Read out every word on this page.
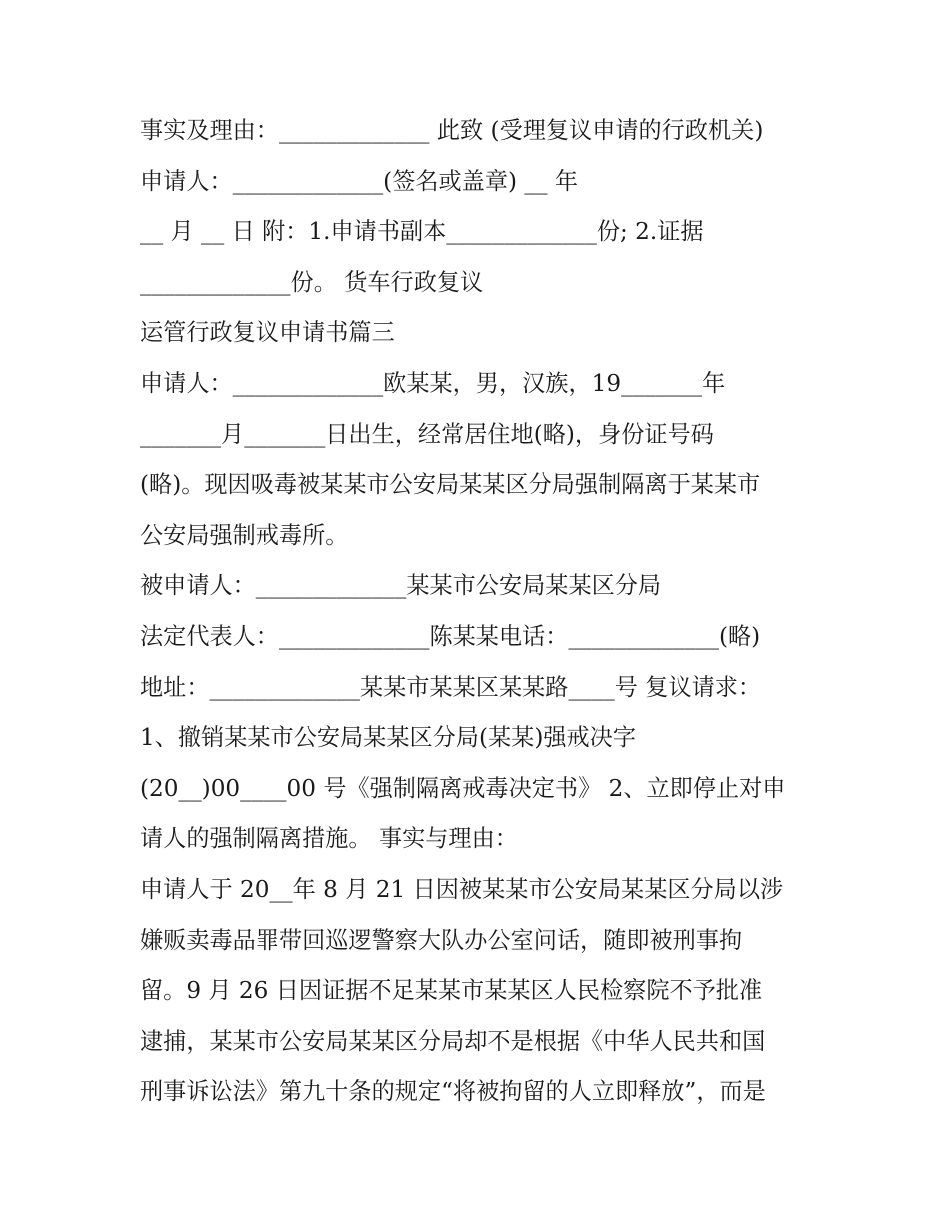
事实及理由：_____________ 此致 (受理复议申请的行政机关)
申请人：_____________(签名或盖章) __ 年
__ 月 __ 日 附：1.申请书副本_____________份; 2.证据
_____________份。 货车行政复议
运管行政复议申请书篇三
申请人：_____________欧某某，男，汉族，19_______年
_______月_______日出生，经常居住地(略)，身份证号码
(略)。现因吸毒被某某市公安局某某区分局强制隔离于某某市
公安局强制戒毒所。
被申请人：_____________某某市公安局某某区分局
法定代表人：_____________陈某某电话：_____________(略)
地址：_____________某某市某某区某某路____号 复议请求：
1、撤销某某市公安局某某区分局(某某)强戒决字
(20__)00____00 号《强制隔离戒毒决定书》 2、立即停止对申
请人的强制隔离措施。 事实与理由：
申请人于 20__年 8 月 21 日因被某某市公安局某某区分局以涉
嫌贩卖毒品罪带回巡逻警察大队办公室问话，随即被刑事拘
留。9 月 26 日因证据不足某某市某某区人民检察院不予批准
逮捕，某某市公安局某某区分局却不是根据《中华人民共和国
刑事诉讼法》第九十条的规定“将被拘留的人立即释放”，而是
